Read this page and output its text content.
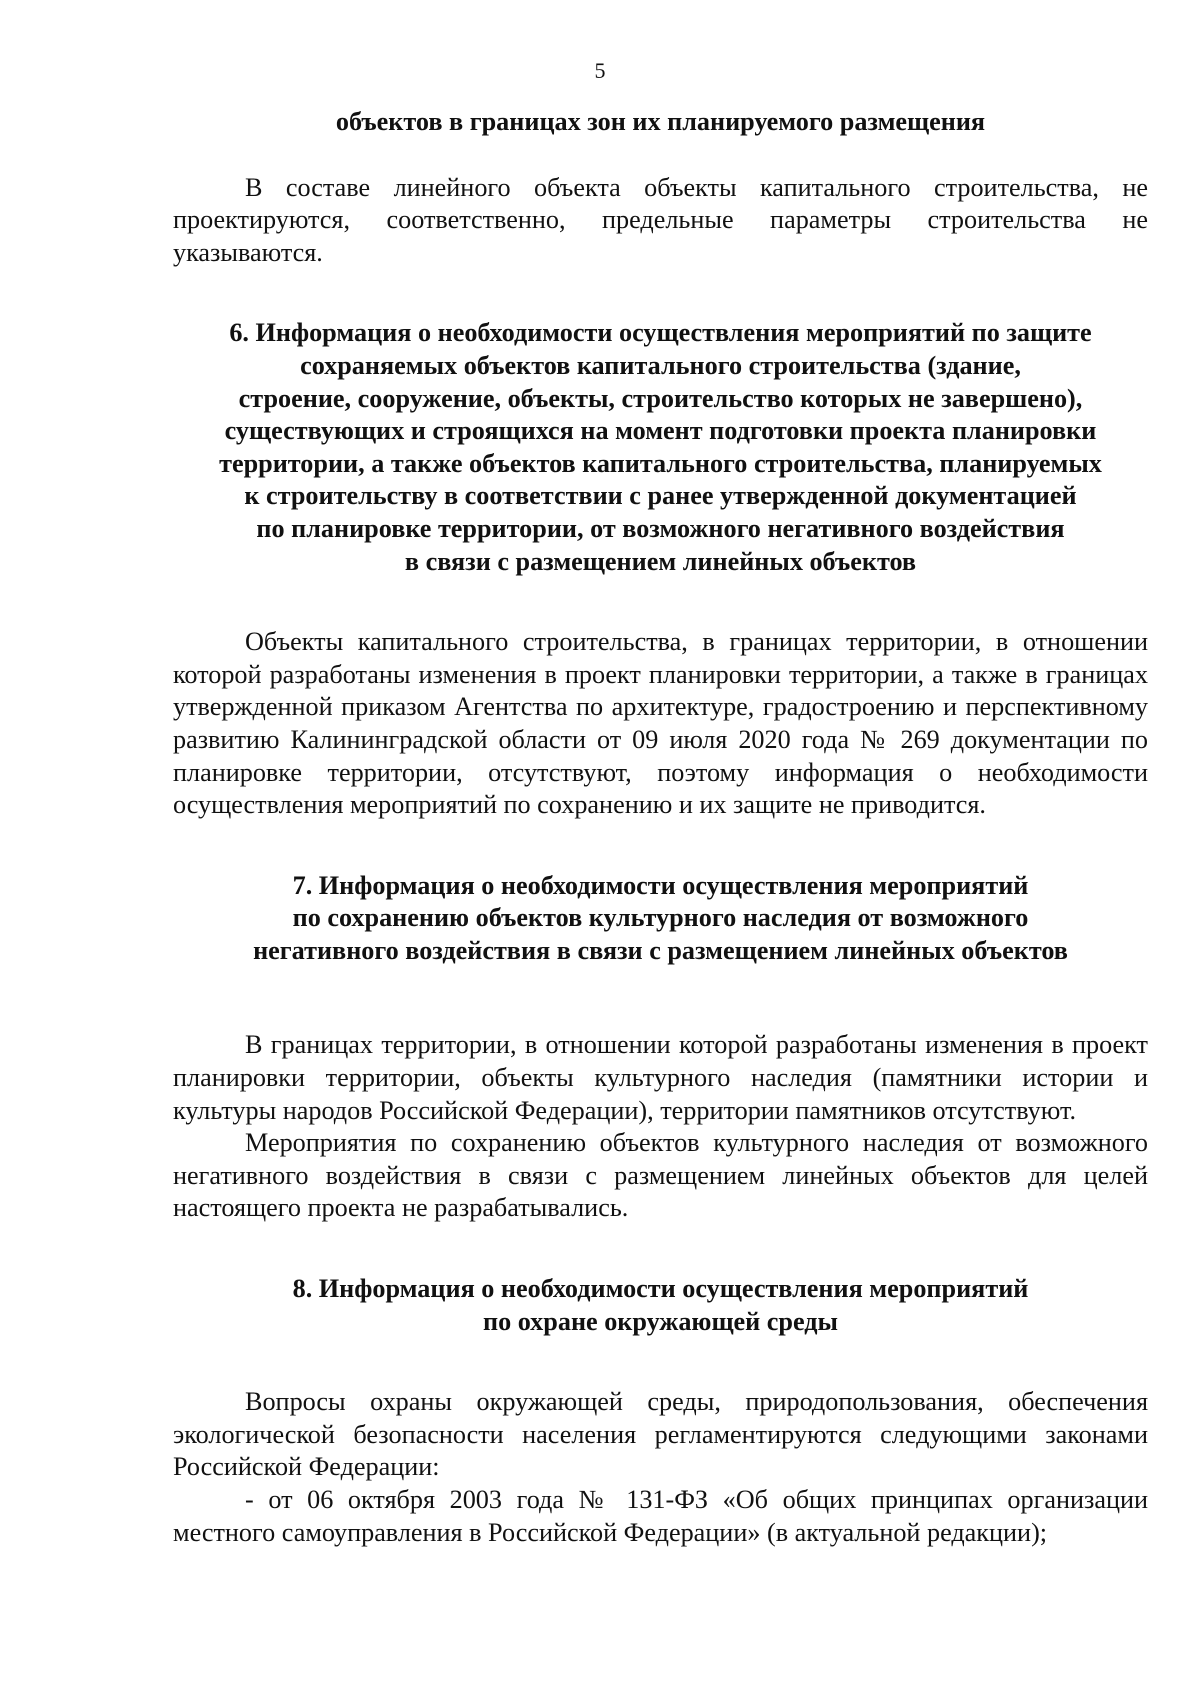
5

объектов в границах зон их планируемого размещения

В составе линейного объекта объекты капитального строительства, не проектируются, соответственно, предельные параметры строительства не указываются.

6. Информация о необходимости осуществления мероприятий по защите

сохраняемых объектов капитального строительства (здание,

строение, сооружение, объекты, строительство которых не завершено),

существующих и строящихся на момент подготовки проекта планировки

территории, а также объектов капитального строительства, планируемых

к строительству в соответствии с ранее утвержденной документацией

по планировке территории, от возможного негативного воздействия

в связи с размещением линейных объектов

Объекты капитального строительства, в границах территории, в отношении которой разработаны изменения в проект планировки территории, а также в границах утвержденной приказом Агентства по архитектуре, градостроению и перспективному развитию Калининградской области от 09 июля 2020 года № 269 документации по планировке территории, отсутствуют, поэтому информация о необходимости осуществления мероприятий по сохранению и их защите не приводится.

7. Информация о необходимости осуществления мероприятий

по сохранению объектов культурного наследия от возможного

негативного воздействия в связи с размещением линейных объектов

В границах территории, в отношении которой разработаны изменения в проект планировки территории, объекты культурного наследия (памятники истории и культуры народов Российской Федерации), территории памятников отсутствуют.

Мероприятия по сохранению объектов культурного наследия от возможного негативного воздействия в связи с размещением линейных объектов для целей настоящего проекта не разрабатывались.

8. Информация о необходимости осуществления мероприятий

по охране окружающей среды

Вопросы охраны окружающей среды, природопользования, обеспечения экологической безопасности населения регламентируются следующими законами Российской Федерации:

- от 06 октября 2003 года № 131-ФЗ «Об общих принципах организации местного самоуправления в Российской Федерации» (в актуальной редакции);
